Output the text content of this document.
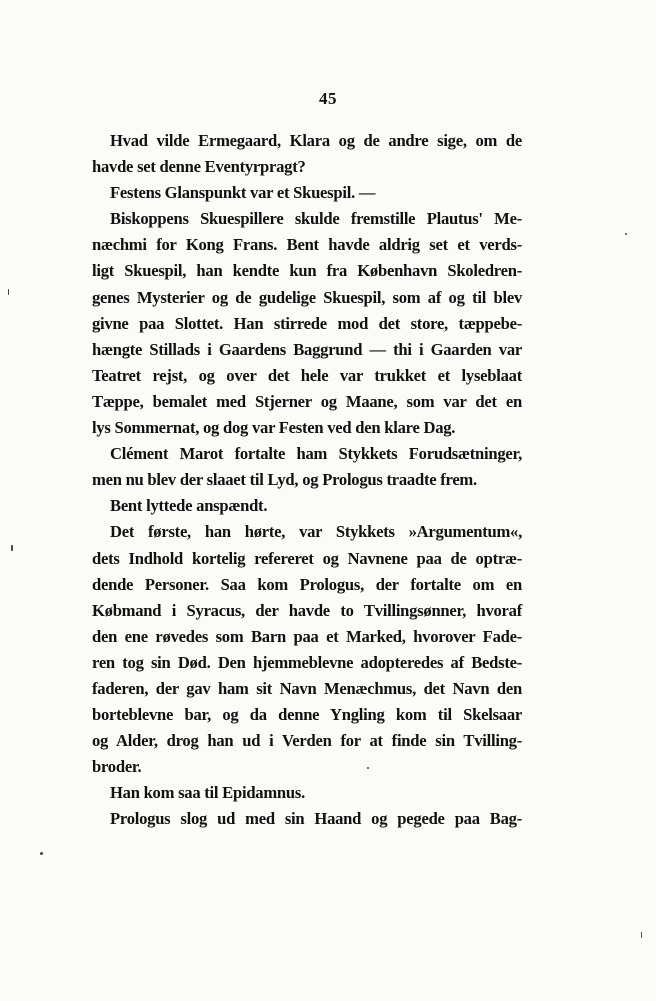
45
Hvad vilde Ermegaard, Klara og de andre sige, om de
havde set denne Eventyrpragt?
Festens Glanspunkt var et Skuespil. —
Biskoppens Skuespillere skulde fremstille Plautus' Me-
næchmi for Kong Frans. Bent havde aldrig set et verds-
ligt Skuespil, han kendte kun fra København Skoledren-
genes Mysterier og de gudelige Skuespil, som af og til blev
givne paa Slottet. Han stirrede mod det store, tæppebe-
hængte Stillads i Gaardens Baggrund — thi i Gaarden var
Teatret rejst, og over det hele var trukket et lyseblaat
Tæppe, bemalet med Stjerner og Maane, som var det en
lys Sommernat, og dog var Festen ved den klare Dag.
Clément Marot fortalte ham Stykkets Forudsætninger,
men nu blev der slaaet til Lyd, og Prologus traadte frem.
Bent lyttede anspændt.
Det første, han hørte, var Stykkets »Argumentum«,
dets Indhold kortelig refereret og Navnene paa de optræ-
dende Personer. Saa kom Prologus, der fortalte om en
Købmand i Syracus, der havde to Tvillingsønner, hvoraf
den ene røvedes som Barn paa et Marked, hvorover Fade-
ren tog sin Død. Den hjemmeblevne adopteredes af Bedste-
faderen, der gav ham sit Navn Menæchmus, det Navn den
borteblevne bar, og da denne Yngling kom til Skelsaar
og Alder, drog han ud i Verden for at finde sin Tvilling-
broder.
Han kom saa til Epidamnus.
Prologus slog ud med sin Haand og pegede paa Bag-
